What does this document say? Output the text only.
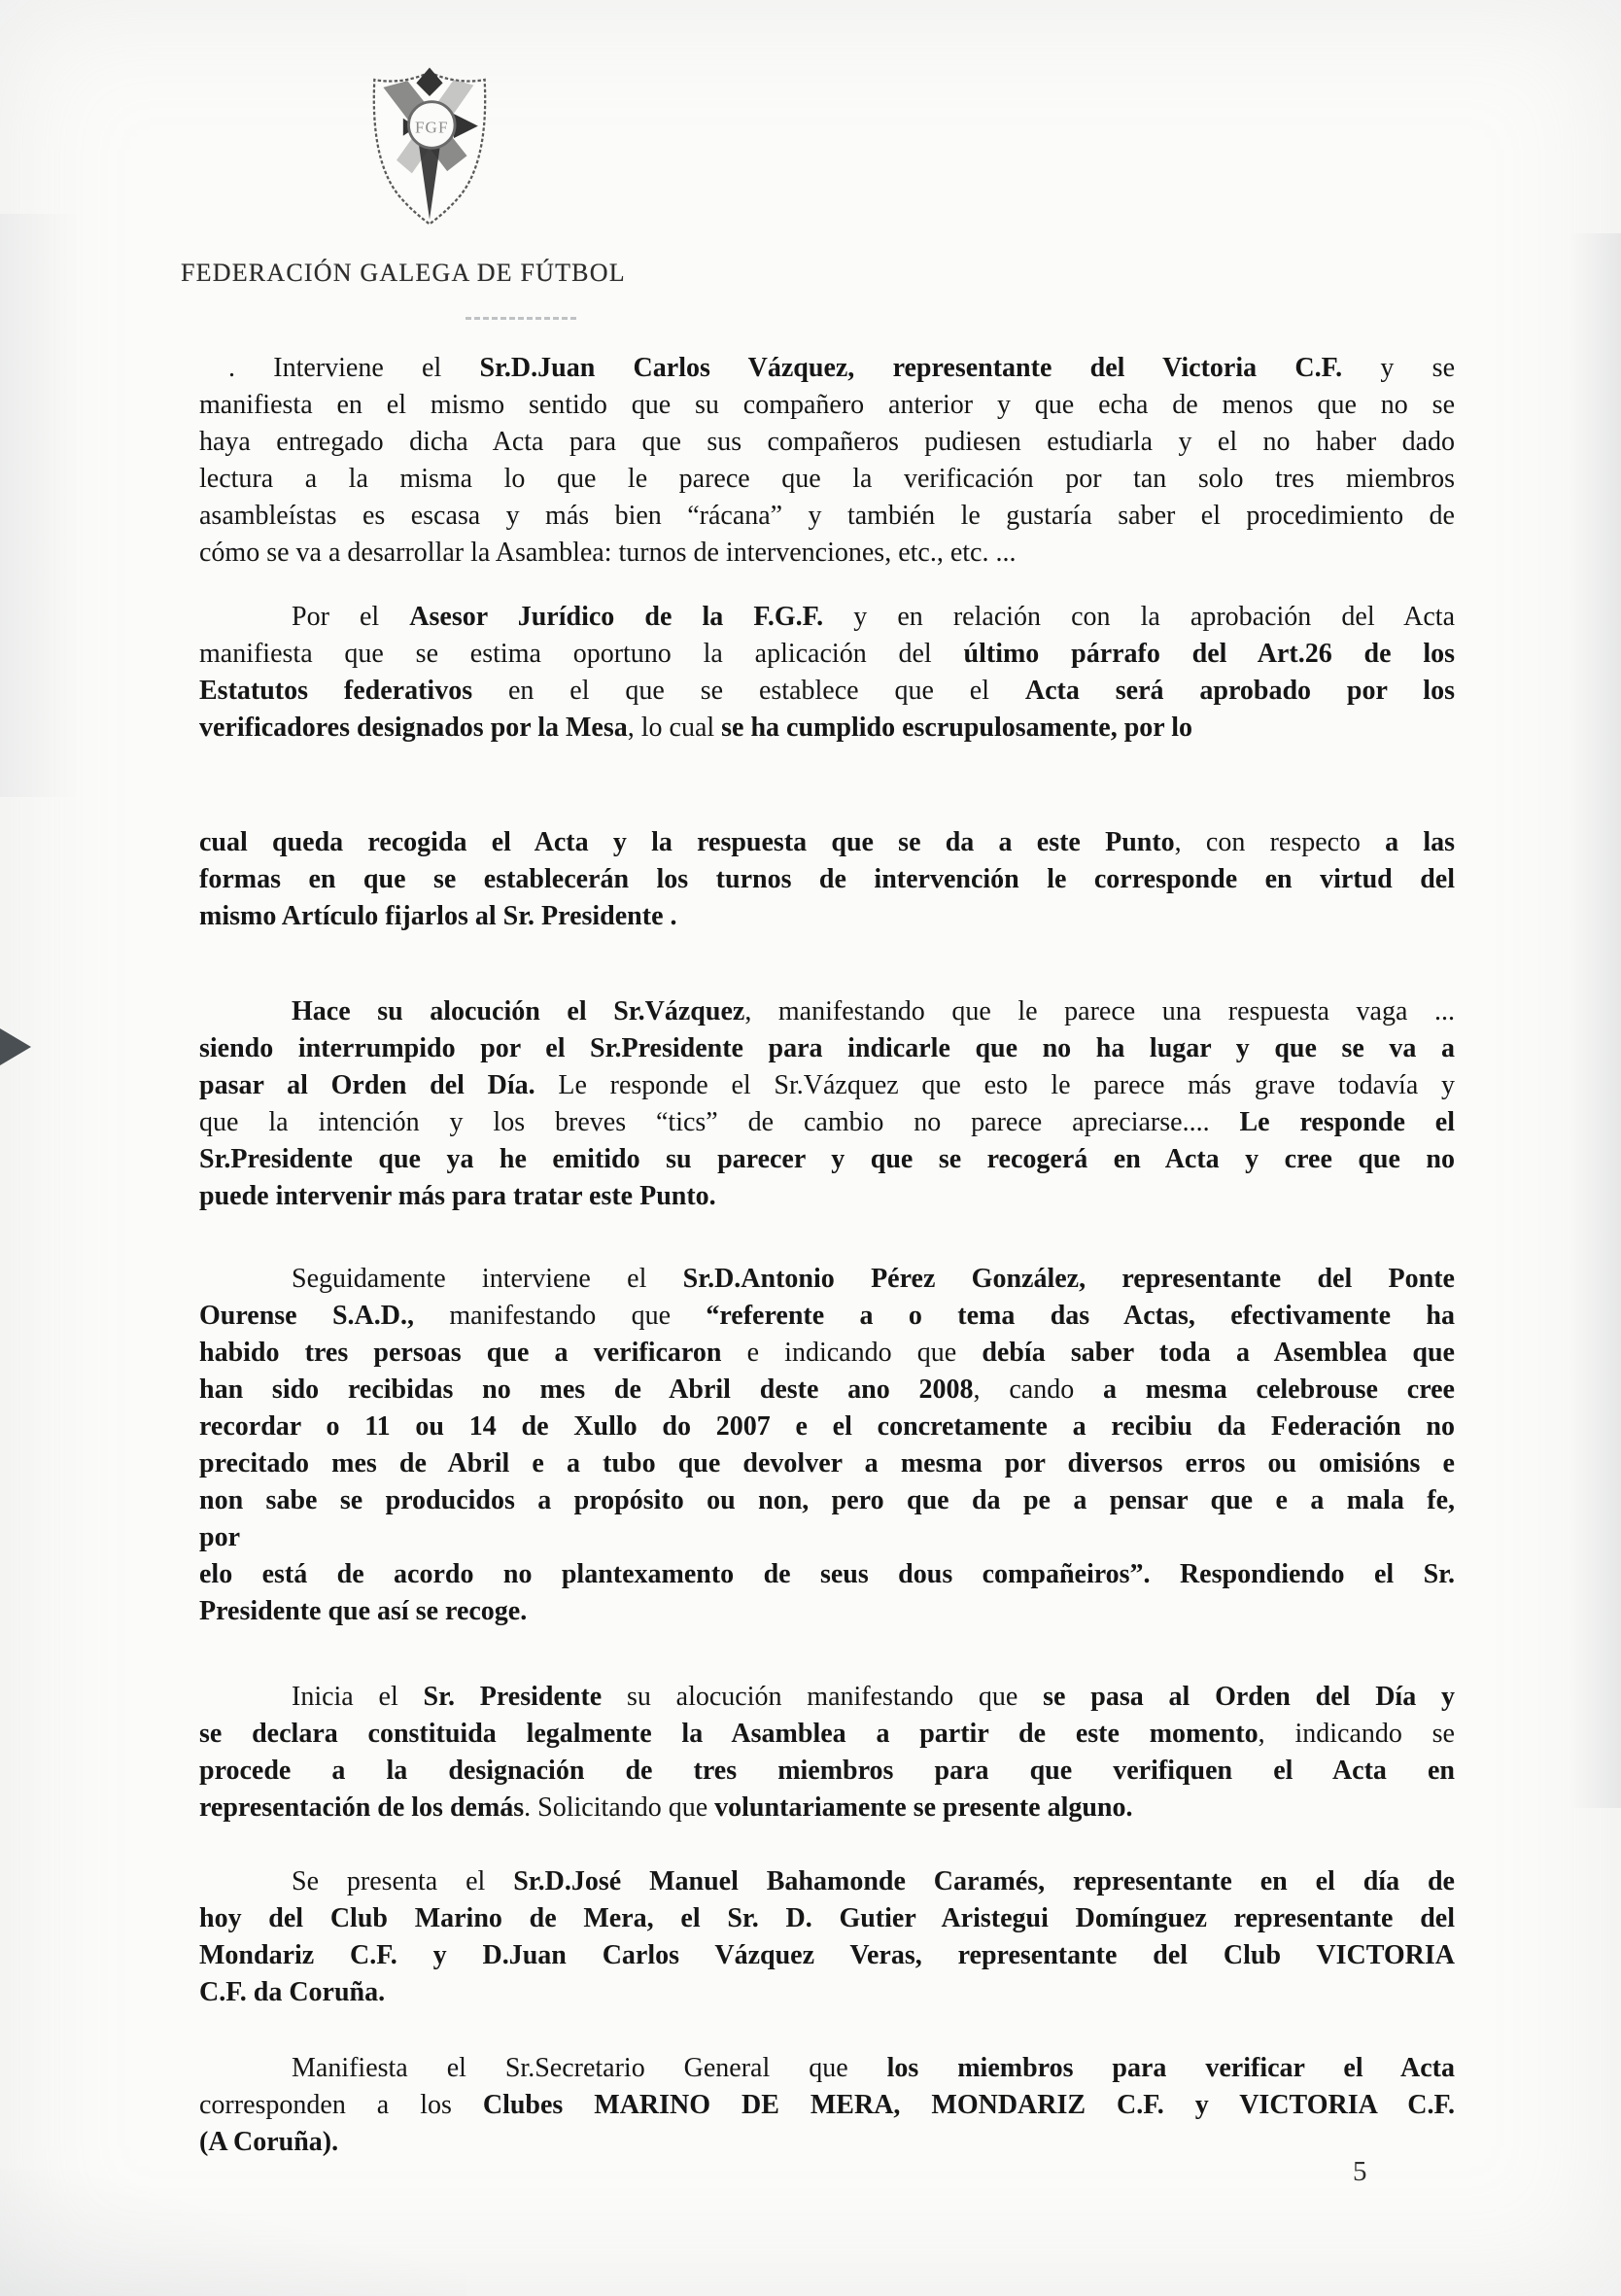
FGF
FEDERACIÓN GALEGA DE FÚTBOL
. Interviene el Sr.D.Juan Carlos Vázquez, representante del Victoria C.F. y se
manifiesta en el mismo sentido que su compañero anterior y que echa de menos que no se
haya entregado dicha Acta para que sus compañeros pudiesen estudiarla y el no haber dado
lectura a la misma lo que le parece que la verificación por tan solo tres miembros
asambleístas es escasa y más bien “rácana” y también le gustaría saber el procedimiento de
cómo se va a desarrollar la Asamblea: turnos de intervenciones, etc., etc. ...
Por el Asesor Jurídico de la F.G.F. y en relación con la aprobación del Acta
manifiesta que se estima oportuno la aplicación del último párrafo del Art.26 de los
Estatutos federativos en el que se establece que el Acta será aprobado por los
verificadores designados por la Mesa, lo cual se ha cumplido escrupulosamente, por lo
cual queda recogida el Acta y la respuesta que se da a este Punto, con respecto a las
formas en que se establecerán los turnos de intervención le corresponde en virtud del
mismo Artículo fijarlos al Sr. Presidente .
Hace su alocución el Sr.Vázquez, manifestando que le parece una respuesta vaga ...
siendo interrumpido por el Sr.Presidente para indicarle que no ha lugar y que se va a
pasar al Orden del Día. Le responde el Sr.Vázquez que esto le parece más grave todavía y
que la intención y los breves “tics” de cambio no parece apreciarse.... Le responde el
Sr.Presidente que ya he emitido su parecer y que se recogerá en Acta y cree que no
puede intervenir más para tratar este Punto.
Seguidamente interviene el Sr.D.Antonio Pérez González, representante del Ponte
Ourense S.A.D., manifestando que “referente a o tema das Actas, efectivamente ha
habido tres persoas que a verificaron e indicando que debía saber toda a Asemblea que
han sido recibidas no mes de Abril deste ano 2008, cando a mesma celebrouse cree
recordar o 11 ou 14 de Xullo do 2007 e el concretamente a recibiu da Federación no
precitado mes de Abril e a tubo que devolver a mesma por diversos erros ou omisións e
non sabe se producidos a propósito ou non, pero que da pe a pensar que e a mala fe,
por
elo está de acordo no plantexamento de seus dous compañeiros”. Respondiendo el Sr.
Presidente que así se recoge.
Inicia el Sr. Presidente su alocución manifestando que se pasa al Orden del Día y
se declara constituida legalmente la Asamblea a partir de este momento, indicando se
procede a la designación de tres miembros para que verifiquen el Acta en
representación de los demás. Solicitando que voluntariamente se presente alguno.
Se presenta el Sr.D.José Manuel Bahamonde Caramés, representante en el día de
hoy del Club Marino de Mera, el Sr. D. Gutier Aristegui Domínguez representante del
Mondariz C.F. y D.Juan Carlos Vázquez Veras, representante del Club VICTORIA
C.F. da Coruña.
Manifiesta el Sr.Secretario General que los miembros para verificar el Acta
corresponden a los Clubes MARINO DE MERA, MONDARIZ C.F. y VICTORIA C.F.
(A Coruña).
5
